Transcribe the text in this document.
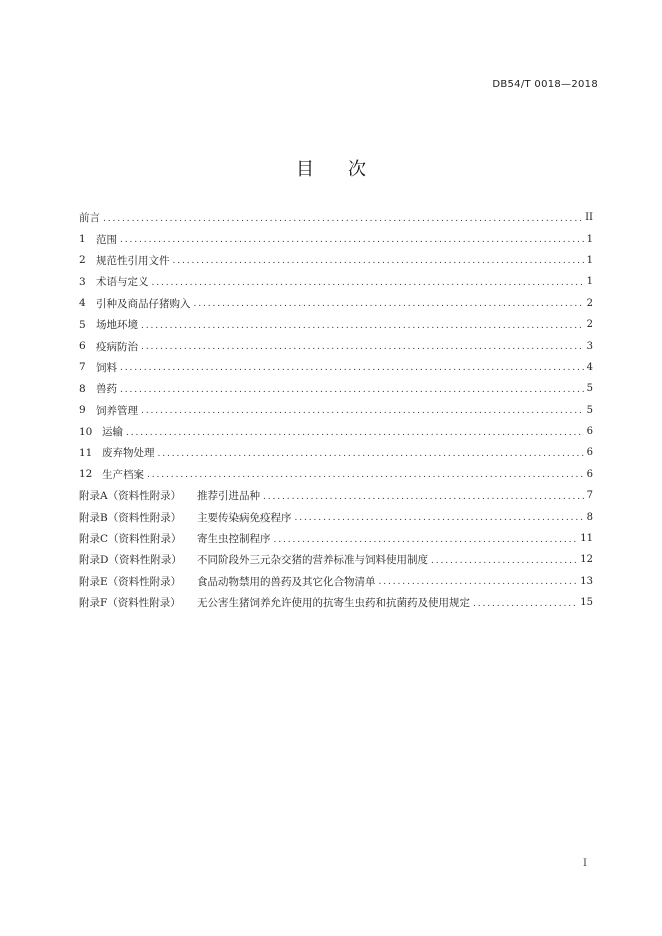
DB54/T 0018—2018
目 次
前言 .....	II
1 范围 .....	1
2 规范性引用文件 .....	1
3 术语与定义 .....	1
4 引种及商品仔猪购入 .....	2
5 场地环境 .....	2
6 疫病防治 .....	3
7 饲料 .....	4
8 兽药 .....	5
9 饲养管理 .....	5
10 运输 .....	6
11 废弃物处理 .....	6
12 生产档案 .....	6
附录A（资料性附录）	推荐引进品种 .....	7
附录B（资料性附录）	主要传染病免疫程序 .....	8
附录C（资料性附录）	寄生虫控制程序 .....	11
附录D（资料性附录）	不同阶段外三元杂交猪的营养标准与饲料使用制度 .....	12
附录E（资料性附录）	食品动物禁用的兽药及其它化合物清单 .....	13
附录F（资料性附录）	无公害生猪饲养允许使用的抗寄生虫药和抗菌药及使用规定 .....	15
I
